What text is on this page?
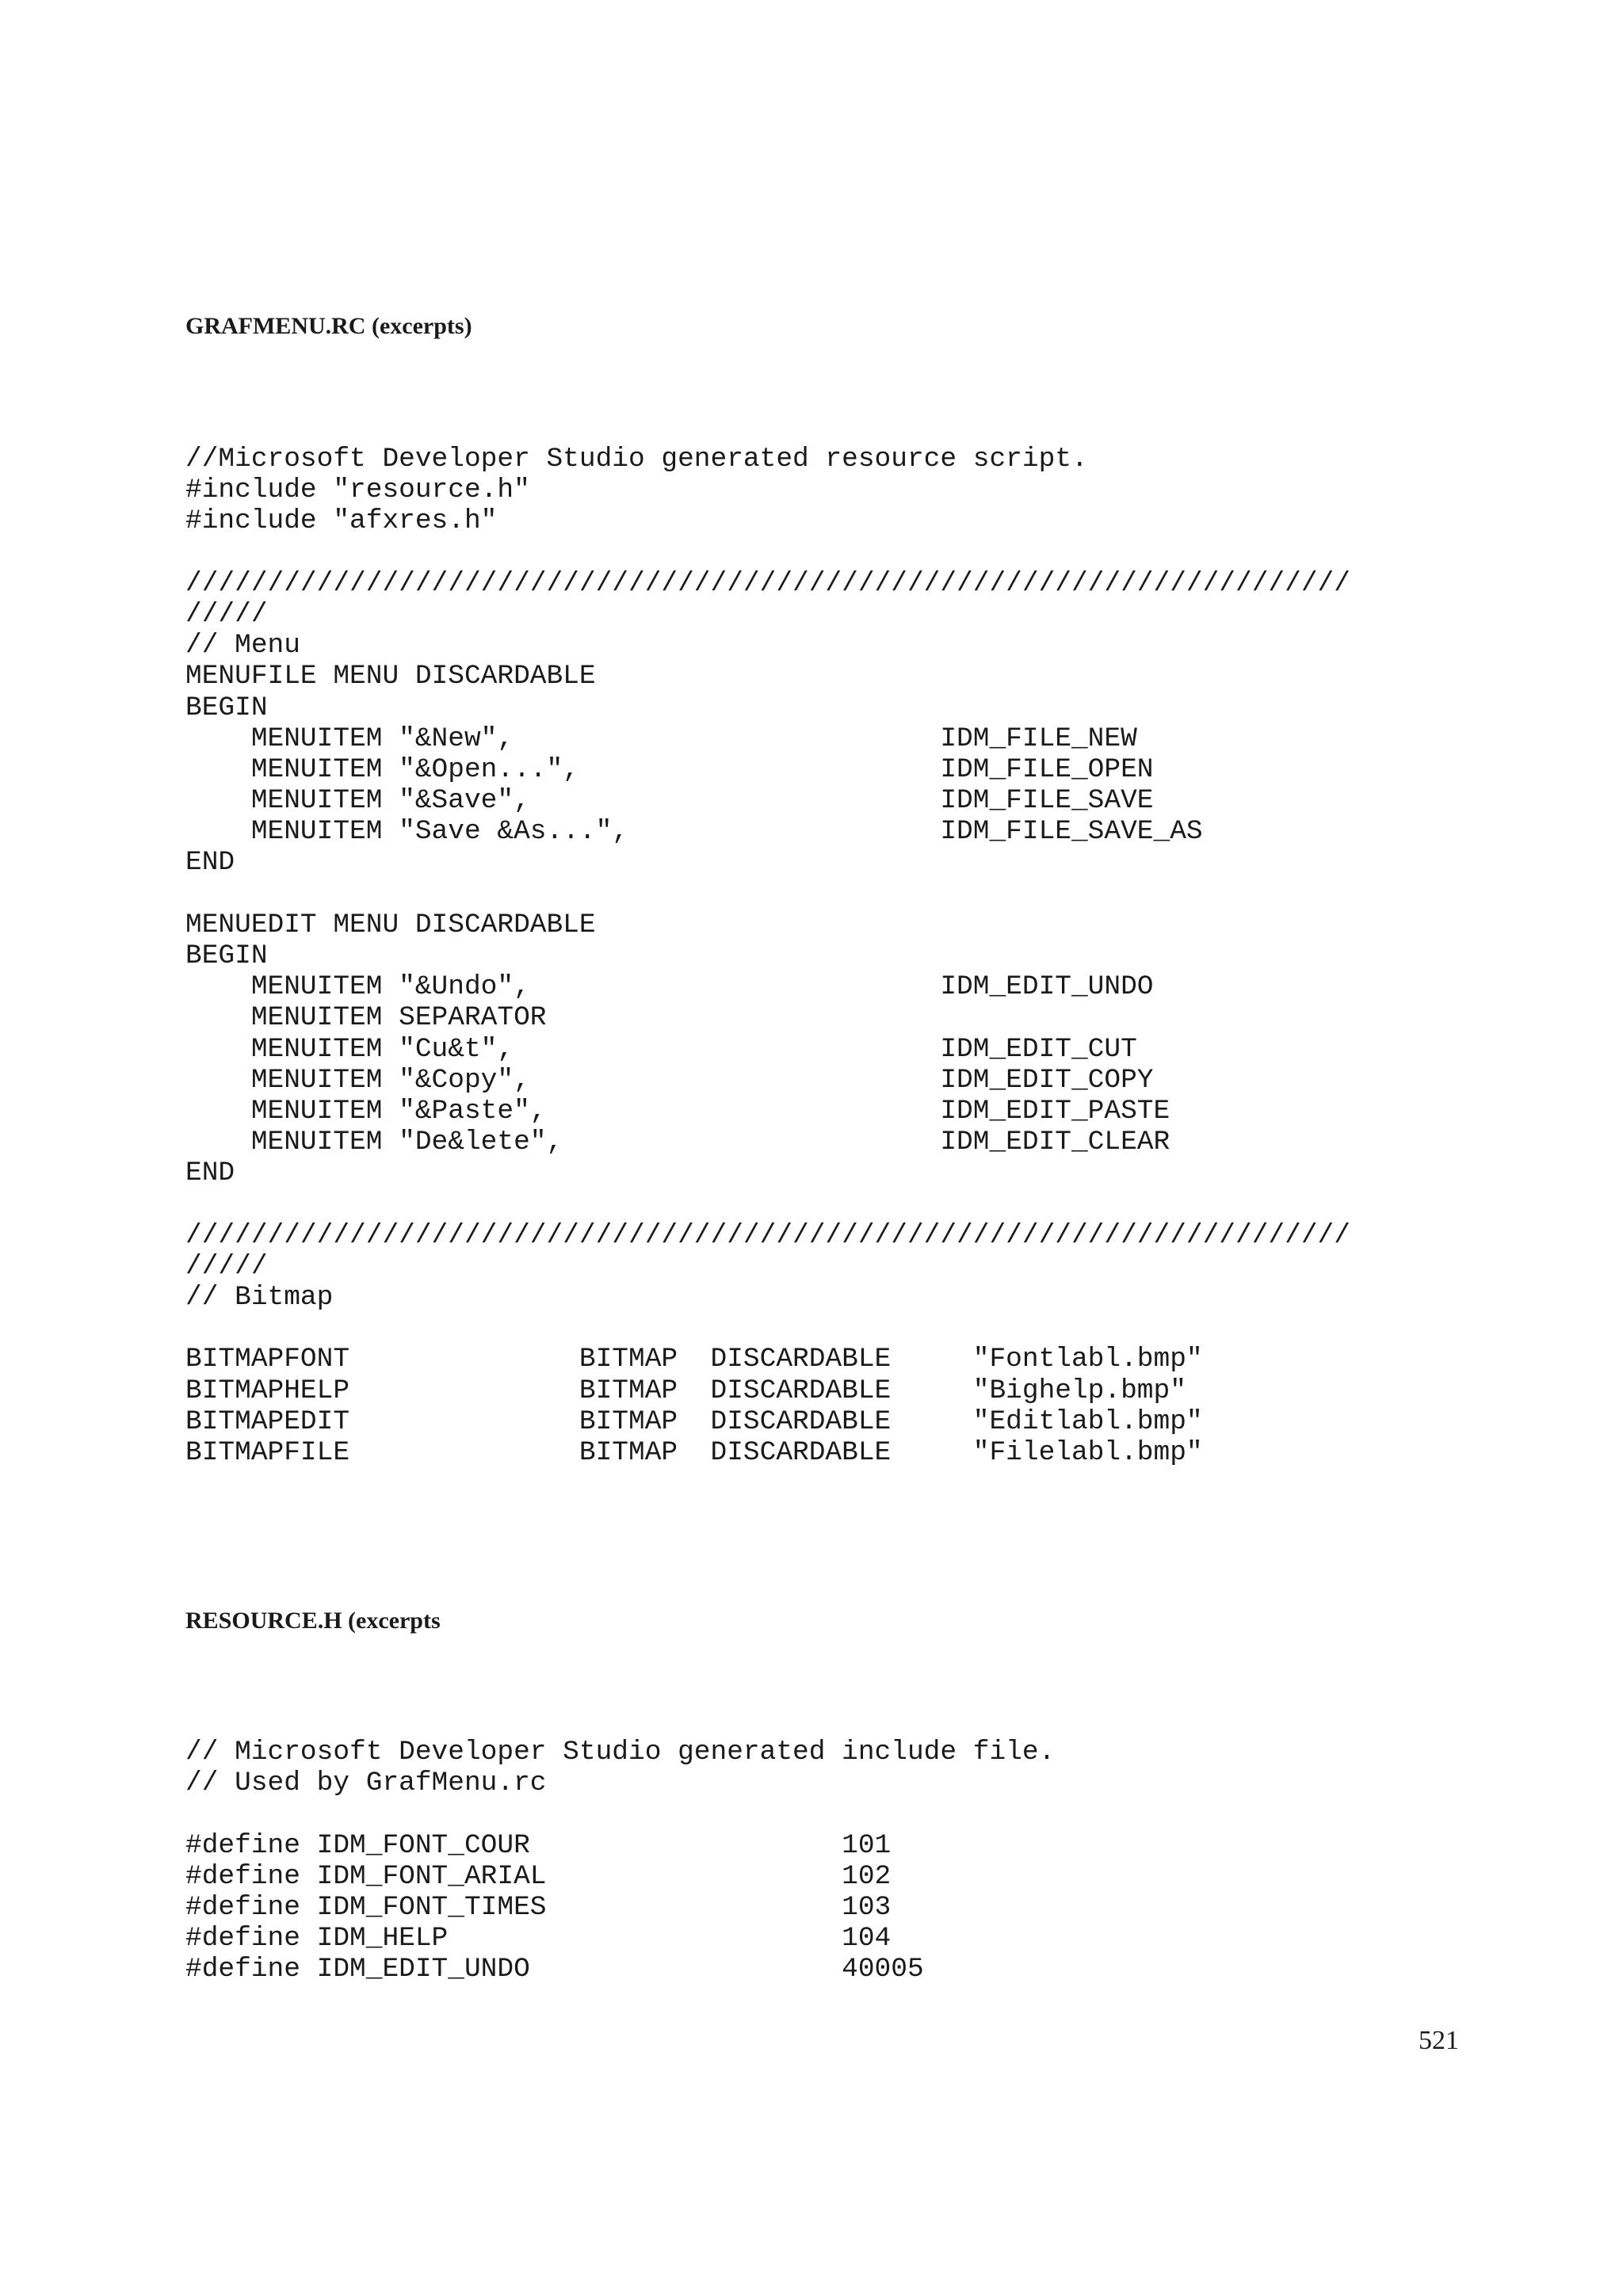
GRAFMENU.RC (excerpts)
//Microsoft Developer Studio generated resource script.
#include "resource.h"
#include "afxres.h"
///////////////////////////////////////////////////////////////////////
/////
// Menu
MENUFILE MENU DISCARDABLE
BEGIN
MENUITEM "&New",                          IDM_FILE_NEW
MENUITEM "&Open...",                      IDM_FILE_OPEN
MENUITEM "&Save",                         IDM_FILE_SAVE
MENUITEM "Save &As...",                   IDM_FILE_SAVE_AS
END
MENUEDIT MENU DISCARDABLE
BEGIN
MENUITEM "&Undo",                         IDM_EDIT_UNDO
MENUITEM SEPARATOR
MENUITEM "Cu&t",                          IDM_EDIT_CUT
MENUITEM "&Copy",                         IDM_EDIT_COPY
MENUITEM "&Paste",                        IDM_EDIT_PASTE
MENUITEM "De&lete",                       IDM_EDIT_CLEAR
END
///////////////////////////////////////////////////////////////////////
/////
// Bitmap
BITMAPFONT              BITMAP  DISCARDABLE     "Fontlabl.bmp"
BITMAPHELP              BITMAP  DISCARDABLE     "Bighelp.bmp"
BITMAPEDIT              BITMAP  DISCARDABLE     "Editlabl.bmp"
BITMAPFILE              BITMAP  DISCARDABLE     "Filelabl.bmp"
RESOURCE.H (excerpts
// Microsoft Developer Studio generated include file.
// Used by GrafMenu.rc
#define IDM_FONT_COUR                   101
#define IDM_FONT_ARIAL                  102
#define IDM_FONT_TIMES                  103
#define IDM_HELP                        104
#define IDM_EDIT_UNDO                   40005
521
